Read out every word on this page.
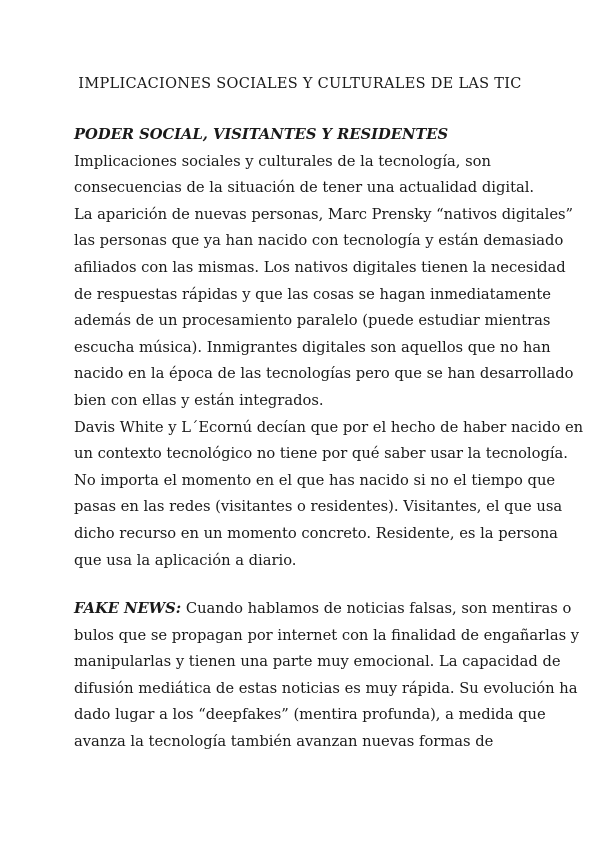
IMPLICACIONES SOCIALES Y CULTURALES DE LAS TIC
PODER SOCIAL, VISITANTES Y RESIDENTES
Implicaciones sociales y culturales de la tecnología, son
consecuencias de la situación de tener una actualidad digital.
La aparición de nuevas personas, Marc Prensky “nativos digitales”
las personas que ya han nacido con tecnología y están demasiado
afiliados con las mismas. Los nativos digitales tienen la necesidad
de respuestas rápidas y que las cosas se hagan inmediatamente
además de un procesamiento paralelo (puede estudiar mientras
escucha música). Inmigrantes digitales son aquellos que no han
nacido en la época de las tecnologías pero que se han desarrollado
bien con ellas y están integrados.
Davis White y L´Ecornú decían que por el hecho de haber nacido en
un contexto tecnológico no tiene por qué saber usar la tecnología.
No importa el momento en el que has nacido si no el tiempo que
pasas en las redes (visitantes o residentes). Visitantes, el que usa
dicho recurso en un momento concreto. Residente, es la persona
que usa la aplicación a diario.
FAKE NEWS: Cuando hablamos de noticias falsas, son mentiras o
bulos que se propagan por internet con la finalidad de engañarlas y
manipularlas y tienen una parte muy emocional. La capacidad de
difusión mediática de estas noticias es muy rápida. Su evolución ha
dado lugar a los “deepfakes” (mentira profunda), a medida que
avanza la tecnología también avanzan nuevas formas de
